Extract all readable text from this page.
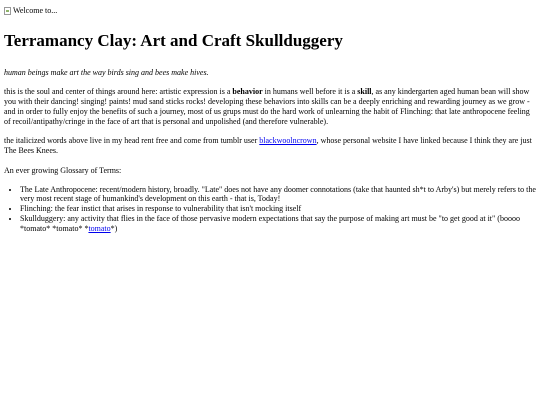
Welcome to...
Terramancy Clay: Art and Craft Skullduggery

human beings make art the way birds sing and bees make hives.

this is the soul and center of things around here: artistic expression is a behavior in humans well before it is a skill, as any kindergarten aged human bean will show you with their dancing! singing! paints! mud sand sticks rocks! developing these behaviors into skills can be a deeply enriching and rewarding journey as we grow - and in order to fully enjoy the benefits of such a journey, most of us grups must do the hard work of unlearning the habit of Flinching: that late anthropocene feeling of recoil/antipathy/cringe in the face of art that is personal and unpolished (and therefore vulnerable).

the italicized words above live in my head rent free and come from tumblr user blackwoolncrown, whose personal website I have linked because I think they are just The Bees Knees.

An ever growing Glossary of Terms:

• The Late Anthropocene: recent/modern history, broadly. "Late" does not have any doomer connotations (take that haunted sh*t to Arby's) but merely refers to the very most recent stage of humankind's development on this earth - that is, Today!
• Flinching: the fear instict that arises in response to vulnerability that isn't mocking itself
• Skullduggery: any activity that flies in the face of those pervasive modern expectations that say the purpose of making art must be "to get good at it" (boooo *tomato* *tomato* *tomato*)
